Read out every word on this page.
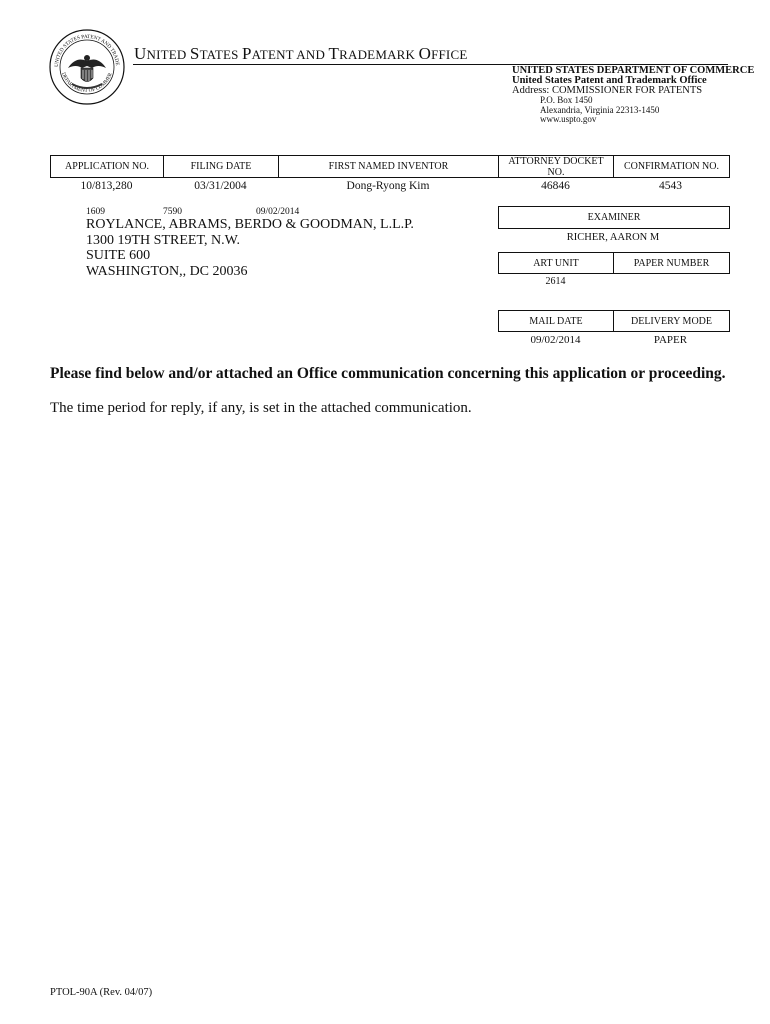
UNITED STATES PATENT AND TRADE
DEPARTMENT OF COMMER
UNITED STATES PATENT AND TRADEMARK OFFICE
UNITED STATES DEPARTMENT OF COMMERCE
United States Patent and Trademark Office
Address: COMMISSIONER FOR PATENTS
P.O. Box 1450
Alexandria, Virginia 22313-1450
www.uspto.gov
APPLICATION NO.	FILING DATE	FIRST NAMED INVENTOR	ATTORNEY DOCKET NO.	CONFIRMATION NO.
10/813,280	03/31/2004	Dong-Ryong Kim	46846	4543
1609	7590	09/02/2014
ROYLANCE, ABRAMS, BERDO & GOODMAN, L.L.P.
1300 19TH STREET, N.W.
SUITE 600
WASHINGTON,, DC 20036
EXAMINER
RICHER, AARON M
ART UNIT	PAPER NUMBER
2614
MAIL DATE	DELIVERY MODE
09/02/2014	PAPER
Please find below and/or attached an Office communication concerning this application or proceeding.
The time period for reply, if any, is set in the attached communication.
PTOL-90A (Rev. 04/07)
